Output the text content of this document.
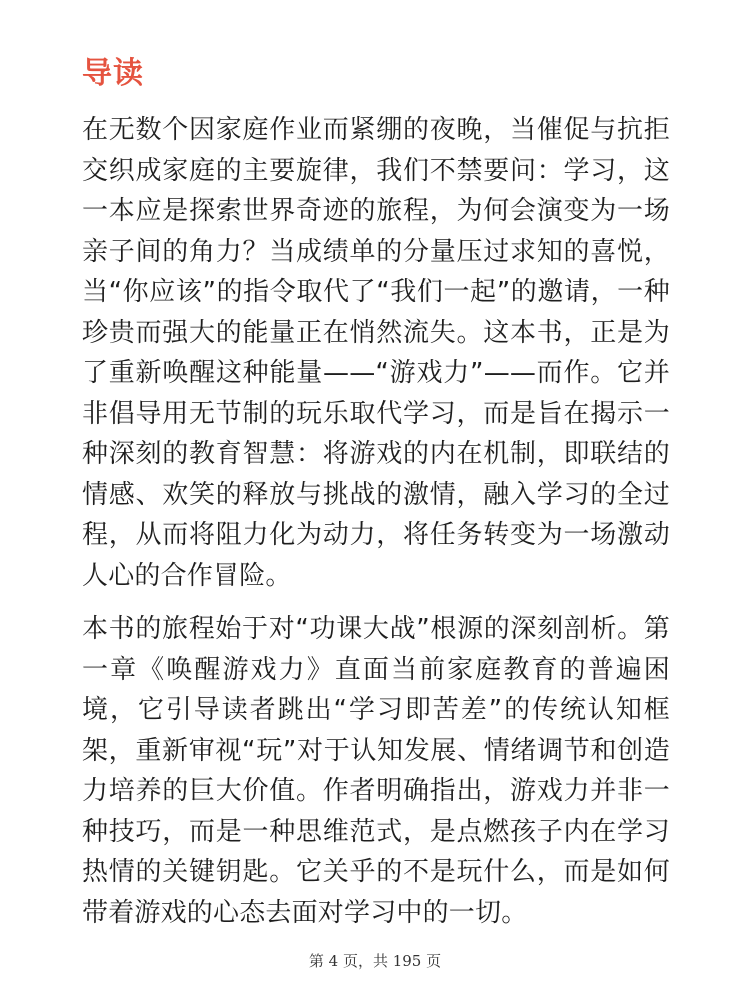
导读

在无数个因家庭作业而紧绷的夜晚，当催促与抗拒交织成家庭的主要旋律，我们不禁要问：学习，这一本应是探索世界奇迹的旅程，为何会演变为一场亲子间的角力？当成绩单的分量压过求知的喜悦，当“你应该”的指令取代了“我们一起”的邀请，一种珍贵而强大的能量正在悄然流失。这本书，正是为了重新唤醒这种能量——“游戏力”——而作。它并非倡导用无节制的玩乐取代学习，而是旨在揭示一种深刻的教育智慧：将游戏的内在机制，即联结的情感、欢笑的释放与挑战的激情，融入学习的全过程，从而将阻力化为动力，将任务转变为一场激动人心的合作冒险。

本书的旅程始于对“功课大战”根源的深刻剖析。第一章《唤醒游戏力》直面当前家庭教育的普遍困境，它引导读者跳出“学习即苦差”的传统认知框架，重新审视“玩”对于认知发展、情绪调节和创造力培养的巨大价值。作者明确指出，游戏力并非一种技巧，而是一种思维范式，是点燃孩子内在学习热情的关键钥匙。它关乎的不是玩什么，而是如何带着游戏的心态去面对学习中的一切。

第 4 页，共 195 页
